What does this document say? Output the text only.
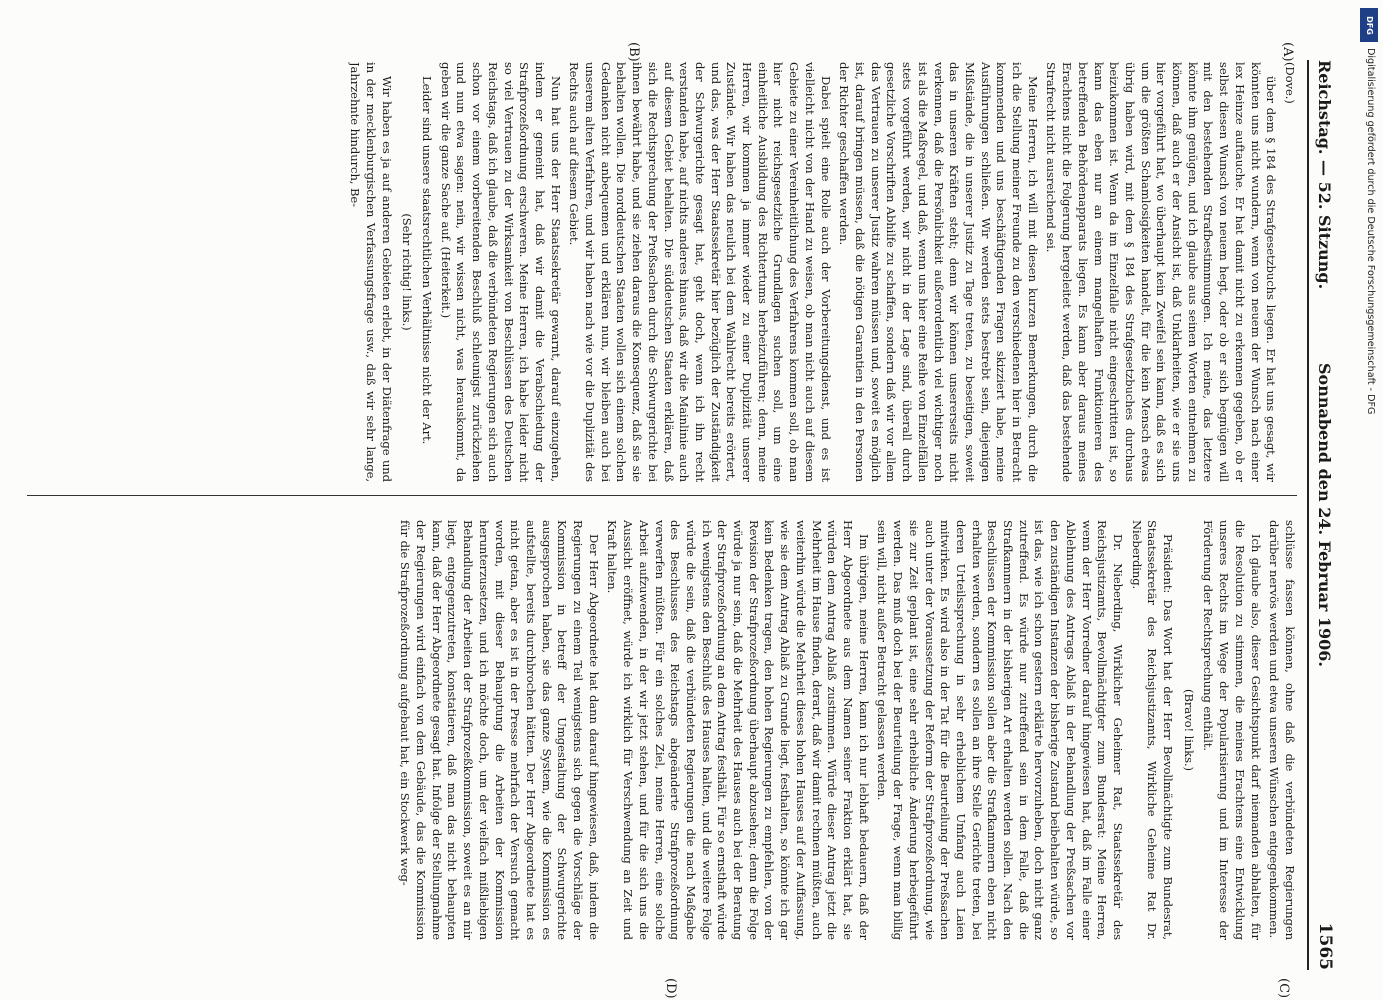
Reichstag. — 52. Sitzung.
Sonnabend den 24. Februar 1906.
1565
(A)
(B)
(C)
(D)

(Dove.)

über dem § 184 des Strafgesetzbuchs liegen. Er hat uns gesagt, wir könnten uns nicht wundern, wenn von neuem der Wunsch nach einer lex Heinze auftauche. Er hat damit nicht zu erkennen gegeben, ob er selbst diesen Wunsch von neuem hegt, oder ob er sich begnügen will mit den bestehenden Strafbestimmungen. Ich meine, das letztere könnte ihm genügen, und ich glaube aus seinen Worten entnehmen zu können, daß auch er der Ansicht ist, daß Unklarheiten, wie er sie uns hier vorgeführt hat, wo überhaupt kein Zweifel sein kann, daß es sich um die größten Schamlosigkeiten handelt, für die kein Mensch etwas übrig haben wird, mit dem § 184 des Strafgesetzbuches durchaus beizukommen ist. Wenn da im Einzelfalle nicht eingeschritten ist, so kann das eben nur an einem mangelhaften Funktionieren des betreffenden Behördenapparats liegen. Es kann aber daraus meines Erachtens nicht die Folgerung hergeleitet werden, daß das bestehende Strafrecht nicht ausreichend sei.

Meine Herren, ich will mit diesen kurzen Bemerkungen, durch die ich die Stellung meiner Freunde zu den verschiedenen hier in Betracht kommenden und uns beschäftigenden Fragen skizziert habe, meine Ausführungen schließen. Wir werden stets bestrebt sein, diejenigen Mißstände, die in unserer Justiz zu Tage treten, zu beseitigen, soweit das in unseren Kräften steht; denn wir können unsererseits nicht verkennen, daß die Persönlichkeit außerordentlich viel wichtiger noch ist als die Maßregel, und daß, wenn uns hier eine Reihe von Einzelfällen stets vorgeführt werden, wir nicht in der Lage sind, überall durch gesetzliche Vorschriften Abhilfe zu schaffen, sondern daß wir vor allem das Vertrauen zu unserer Justiz wahren müssen und, soweit es möglich ist, darauf bringen müssen, daß die nötigen Garantien in den Personen der Richter geschaffen werden.

Dabei spielt eine Rolle auch der Vorbereitungsdienst, und es ist vielleicht nicht von der Hand zu weisen, ob man nicht auch auf diesem Gebiete zu einer Vereinheitlichung des Verfahrens kommen soll, ob man hier nicht reichsgesetzliche Grundlagen suchen soll, um eine einheitliche Ausbildung des Richtertums herbeizuführen; denn, meine Herren, wir kommen ja immer wieder zu einer Duplizität unserer Zustände. Wir haben das neulich bei dem Wahlrecht bereits erörtert, und das, was der Herr Staatssekretär hier bezüglich der Zuständigkeit der Schwurgerichte gesagt hat, geht doch, wenn ich ihn recht verstanden habe, auf nichts anderes hinaus, daß wir die Mainlinie auch auf diesem Gebiet behalten. Die süddeutschen Staaten erklären, daß sich die Rechtsprechung der Preßsachen durch die Schwurgerichte bei ihnen bewährt habe, und sie ziehen daraus die Konsequenz, daß sie sie behalten wollen. Die norddeutschen Staaten wollen sich einem solchen Gedanken nicht anbequemen und erklären nun, wir bleiben auch bei unserem alten Verfahren, und wir haben nach wie vor die Duplizität des Rechts auch auf diesem Gebiet.

Nun hat uns der Herr Staatssekretär gewarnt, darauf einzugehen, indem er gemeint hat, daß wir damit die Verabschiedung der Strafprozeßordnung erschweren. Meine Herren, ich habe leider nicht so viel Vertrauen zu der Wirksamkeit von Beschlüssen des Deutschen Reichstags, daß ich glaube, daß die verbündeten Regierungen sich auch schon vor einem vorbereitenden Beschluß schleunigst zurückziehen und nun etwa sagen: nein, wir wissen nicht, was herauskommt, da geben wir die ganze Sache auf. (Heiterkeit.)

Leider sind unsere staatsrechtlichen Verhältnisse nicht der Art.

(Sehr richtig! links.)

Wir haben es ja auf anderen Gebieten erlebt, in der Diätenfrage und in der mecklenburgischen Verfassungsfrage usw., daß wir sehr lange, Jahrzehnte hindurch, Be-

schlüsse fassen können, ohne daß die verbündeten Regierungen darüber nervös werden und etwa unseren Wünschen entgegenkommen.

Ich glaube also, dieser Gesichtspunkt darf niemanden abhalten, für die Resolution zu stimmen, die meines Erachtens eine Entwicklung unseres Rechts im Wege der Popularisierung und im Interesse der Förderung der Rechtsprechung enthält.

(Bravo! links.)

Präsident: Das Wort hat der Herr Bevollmächtigte zum Bundesrat, Staatssekretär des Reichsjustizamts, Wirkliche Geheime Rat Dr. Nieberding.

Dr. Nieberding, Wirklicher Geheimer Rat, Staatssekretär des Reichsjustizamts, Bevollmächtigter zum Bundesrat: Meine Herren, wenn der Herr Vorredner darauf hingewiesen hat, daß im Falle einer Ablehnung des Antrags Ablaß in der Behandlung der Preßsachen vor den zuständigen Instanzen der bisherige Zustand beibehalten würde, so ist das, wie ich schon gestern erklärte hervorzuheben, doch nicht ganz zutreffend. Es würde nur zutreffend sein in dem Falle, daß die Strafkammern in der bisherigen Art erhalten werden sollen. Nach den Beschlüssen der Kommission sollen aber die Strafkammern eben nicht erhalten werden, sondern es sollen an ihre Stelle Gerichte treten, bei deren Urteilssprechung in sehr erheblichem Umfang auch Laien mitwirken. Es wird also in der Tat für die Beurteilung der Preßsachen auch unter der Voraussetzung der Reform der Strafprozeßordnung, wie sie zur Zeit geplant ist, eine sehr erhebliche Änderung herbeigeführt werden. Das muß doch bei der Beurteilung der Frage, wenn man billig sein will, nicht außer Betracht gelassen werden.

Im übrigen, meine Herren, kann ich nur lebhaft bedauern, daß der Herr Abgeordnete aus dem Namen seiner Fraktion erklärt hat, sie würden dem Antrag Ablaß zustimmen. Würde dieser Antrag jetzt die Mehrheit im Hause finden, derart, daß wir damit rechnen müßten, auch weiterhin würde die Mehrheit dieses hohen Hauses auf der Auffassung, wie sie dem Antrag Ablaß zu Grunde liegt, festhalten, so könnte ich gar kein Bedenken tragen, den hohen Regierungen zu empfehlen, von der Revision der Strafprozeßordnung überhaupt abzusehen; denn die Folge würde ja nur sein, daß die Mehrheit des Hauses auch bei der Beratung der Strafprozeßordnung an dem Antrag festhält. Für so ernsthaft würde ich wenigstens den Beschluß des Hauses halten, und die weitere Folge würde die sein, daß die verbündeten Regierungen die nach Maßgabe des Beschlusses des Reichstags abgeänderte Strafprozeßordnung verwerfen müßten. Für ein solches Ziel, meine Herren, eine solche Arbeit aufzuwenden, in der wir jetzt stehen, und für die sich uns die Aussicht eröffnet, würde ich wirklich für Verschwendung an Zeit und Kraft halten.

Der Herr Abgeordnete hat dann darauf hingewiesen, daß, indem die Regierungen zu einem Teil wenigstens sich gegen die Vorschläge der Kommission in betreff der Umgestaltung der Schwurgerichte ausgesprochen haben, sie das ganze System, wie die Kommission es aufstellte, bereits durchbrochen hätten. Der Herr Abgeordnete hat es nicht getan, aber es ist in der Presse mehrfach der Versuch gemacht worden, mit dieser Behauptung die Arbeiten der Kommission herunterzusetzen, und ich möchte doch, um der vielfach mißliebigen Behandlung der Arbeiten der Strafprozeßkommission, soweit es an mir liegt, entgegenzutreten, konstatieren, daß man das nicht behaupten kann, daß der Herr Abgeordnete gesagt hat. Infolge der Stellungnahme der Regierungen wird einfach von dem Gebäude, das die Kommission für die Strafprozeßordnung aufgebaut hat, ein Stockwerk weg-

DFG
Digitalisierung gefördert durch die Deutsche Forschungsgemeinschaft - DFG
